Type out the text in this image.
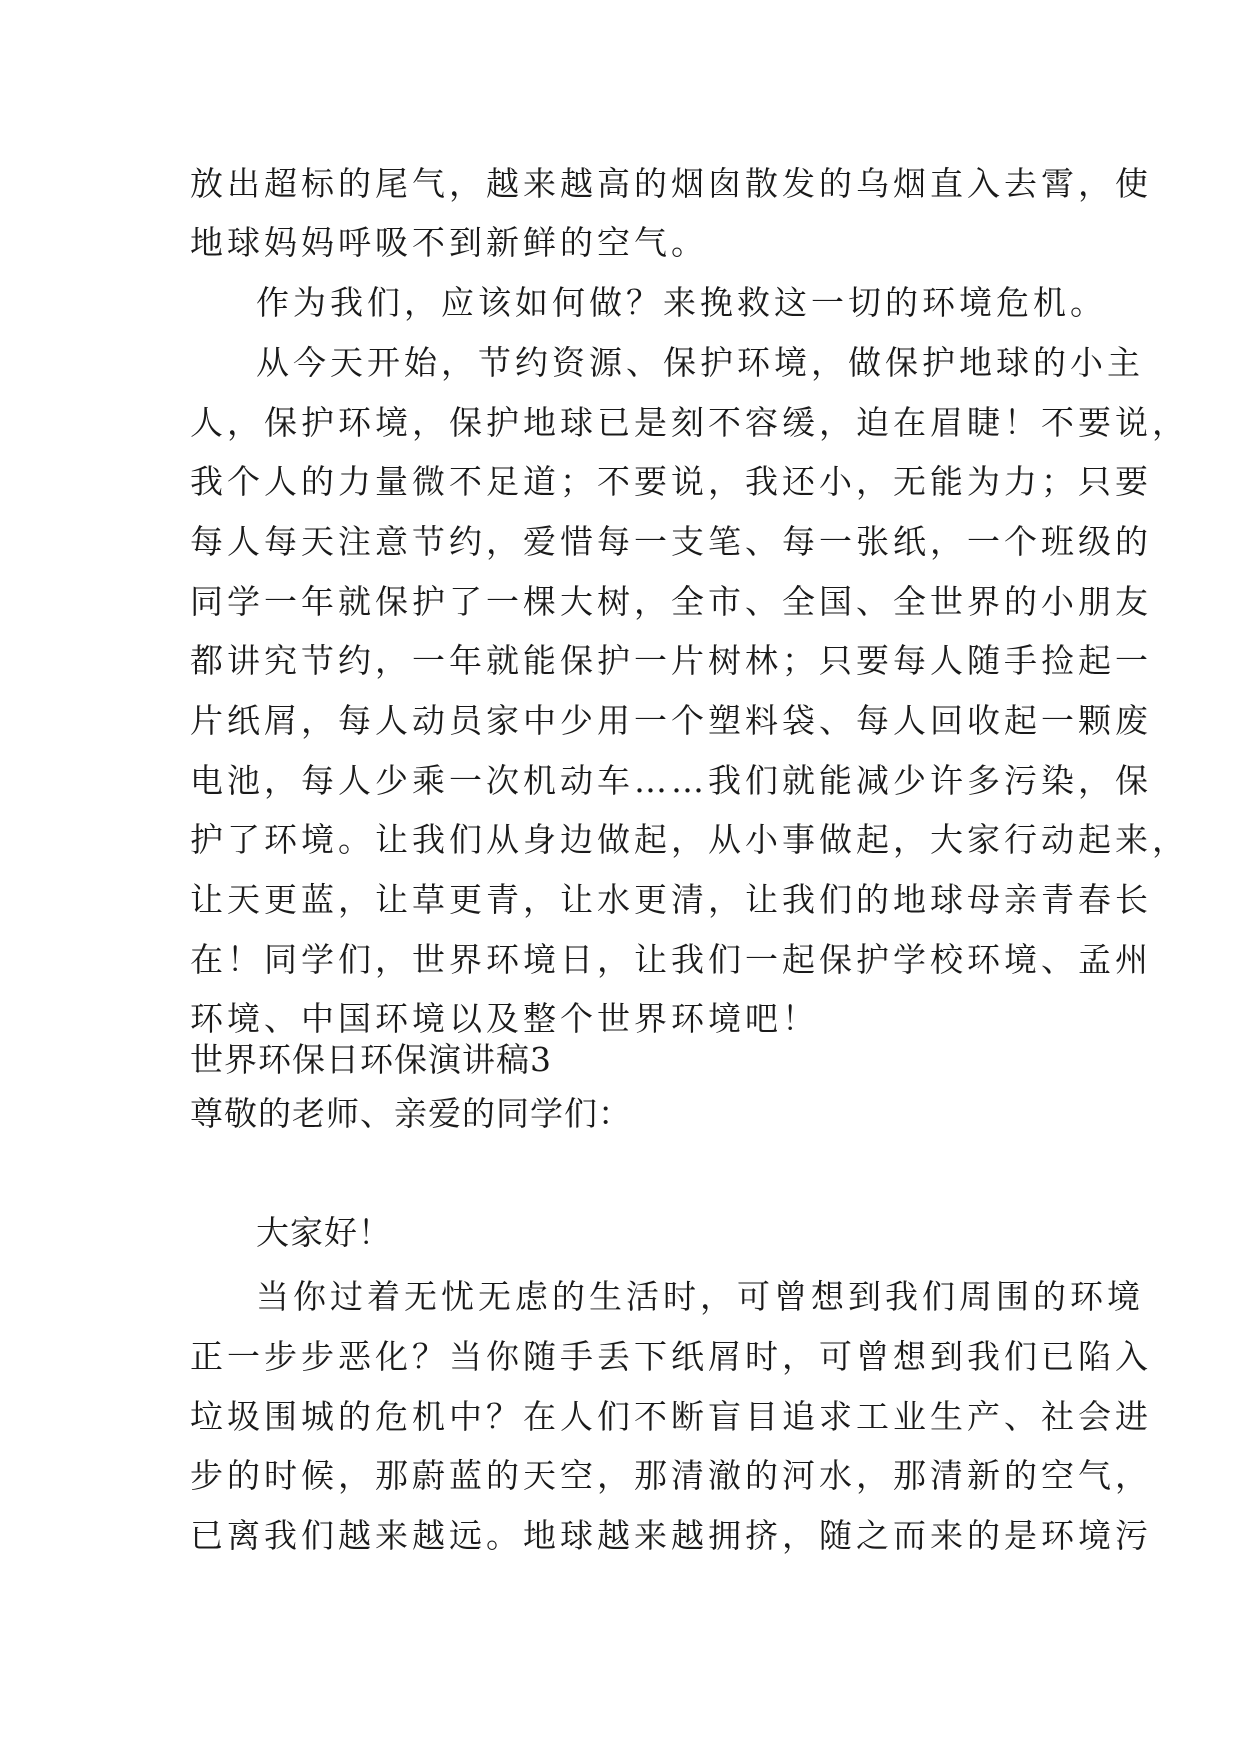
放出超标的尾气，越来越高的烟囱散发的乌烟直入去霄，使
地球妈妈呼吸不到新鲜的空气。
作为我们，应该如何做？来挽救这一切的环境危机。
从今天开始，节约资源、保护环境，做保护地球的小主
人，保护环境，保护地球已是刻不容缓，迫在眉睫！不要说，
我个人的力量微不足道；不要说，我还小，无能为力；只要
每人每天注意节约，爱惜每一支笔、每一张纸，一个班级的
同学一年就保护了一棵大树，全市、全国、全世界的小朋友
都讲究节约，一年就能保护一片树林；只要每人随手捡起一
片纸屑，每人动员家中少用一个塑料袋、每人回收起一颗废
电池，每人少乘一次机动车……我们就能减少许多污染，保
护了环境。让我们从身边做起，从小事做起，大家行动起来，
让天更蓝，让草更青，让水更清，让我们的地球母亲青春长
在！同学们，世界环境日，让我们一起保护学校环境、孟州
环境、中国环境以及整个世界环境吧！
世界环保日环保演讲稿3
尊敬的老师、亲爱的同学们：
大家好！
当你过着无忧无虑的生活时，可曾想到我们周围的环境
正一步步恶化？当你随手丢下纸屑时，可曾想到我们已陷入
垃圾围城的危机中？在人们不断盲目追求工业生产、社会进
步的时候，那蔚蓝的天空，那清澈的河水，那清新的空气，
已离我们越来越远。地球越来越拥挤，随之而来的是环境污
